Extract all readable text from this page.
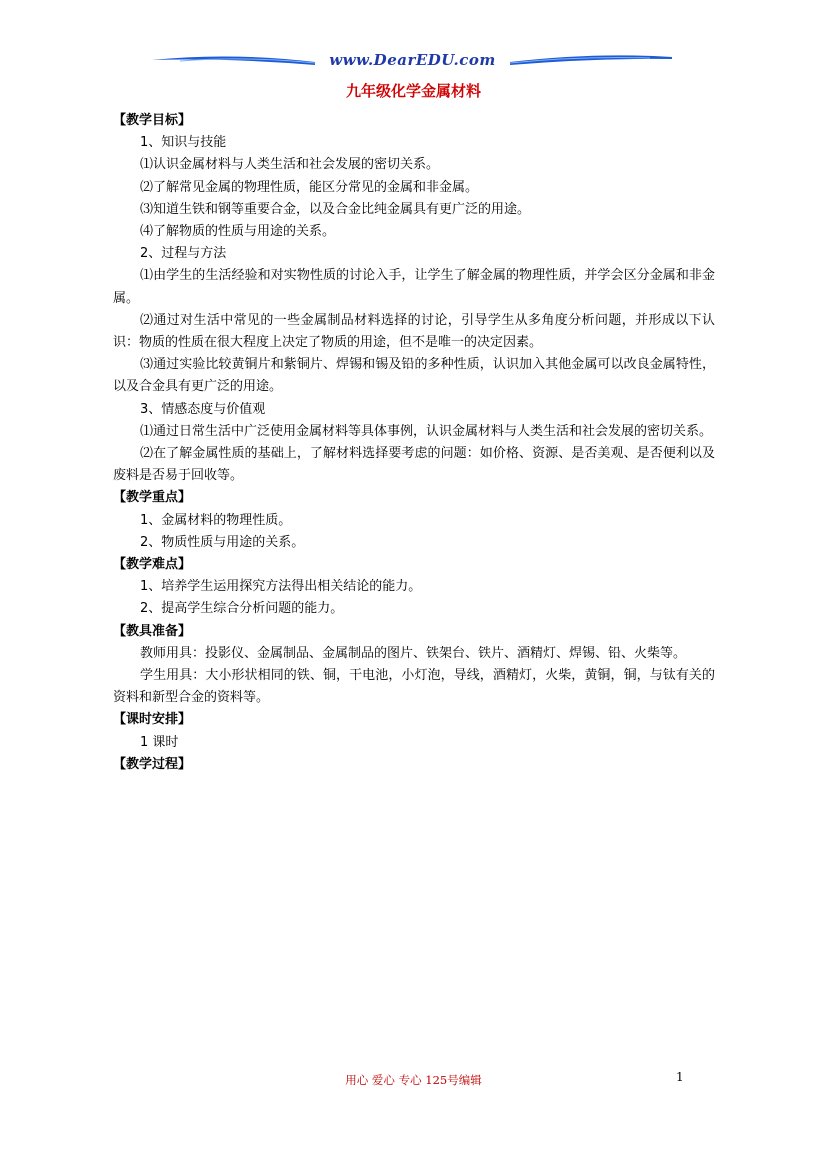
www.DearEDU.com
九年级化学金属材料
【教学目标】
1、知识与技能
⑴认识金属材料与人类生活和社会发展的密切关系。
⑵了解常见金属的物理性质，能区分常见的金属和非金属。
⑶知道生铁和钢等重要合金，以及合金比纯金属具有更广泛的用途。
⑷了解物质的性质与用途的关系。
2、过程与方法
⑴由学生的生活经验和对实物性质的讨论入手，让学生了解金属的物理性质，并学会区分金属和非金属。
⑵通过对生活中常见的一些金属制品材料选择的讨论，引导学生从多角度分析问题，并形成以下认识：物质的性质在很大程度上决定了物质的用途，但不是唯一的决定因素。
⑶通过实验比较黄铜片和紫铜片、焊锡和锡及铅的多种性质，认识加入其他金属可以改良金属特性，以及合金具有更广泛的用途。
3、情感态度与价值观
⑴通过日常生活中广泛使用金属材料等具体事例，认识金属材料与人类生活和社会发展的密切关系。
⑵在了解金属性质的基础上，了解材料选择要考虑的问题：如价格、资源、是否美观、是否便利以及废料是否易于回收等。
【教学重点】
1、金属材料的物理性质。
2、物质性质与用途的关系。
【教学难点】
1、培养学生运用探究方法得出相关结论的能力。
2、提高学生综合分析问题的能力。
【教具准备】
教师用具：投影仪、金属制品、金属制品的图片、铁架台、铁片、酒精灯、焊锡、铅、火柴等。
学生用具：大小形状相同的铁、铜，干电池，小灯泡，导线，酒精灯，火柴，黄铜，铜，与钛有关的资料和新型合金的资料等。
【课时安排】
1 课时
【教学过程】
用心 爱心 专心 125号编辑	1
